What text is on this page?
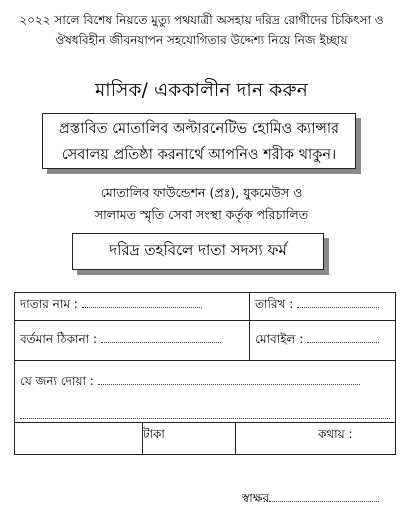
২০২২ সালে বিশেষ নিয়তে মুত্যু পথযাত্রী অসহায় দরিদ্র রোগীদের চিকিৎসা ও
ঔষধবিহীন জীবনযাপন সহযোগিতার উদ্দেশ্য নিয়ে নিজ ইচ্ছায়
মাসিক/ এককালীন দান করুন
প্রস্তাবিত মোতালিব অল্টারনেটিভ হোমিও ক্যান্সার
সেবালয় প্রতিষ্ঠা করনার্থে আপনিও শরীক থাকুন।
মোতালিব ফাউন্ডেশন (প্রঃ), যুকমেউস ও
সালামত স্মৃতি সেবা সংস্থা কর্তৃক পরিচালিত
দরিদ্র তহবিলে দাতা সদস্য ফর্ম
দাতার নাম :			তারিখ :
বর্তমান ঠিকানা :			মোবাইল :
যে জন্য দোয়া :			

	টাকা	কথায় :	
স্বাক্ষর
